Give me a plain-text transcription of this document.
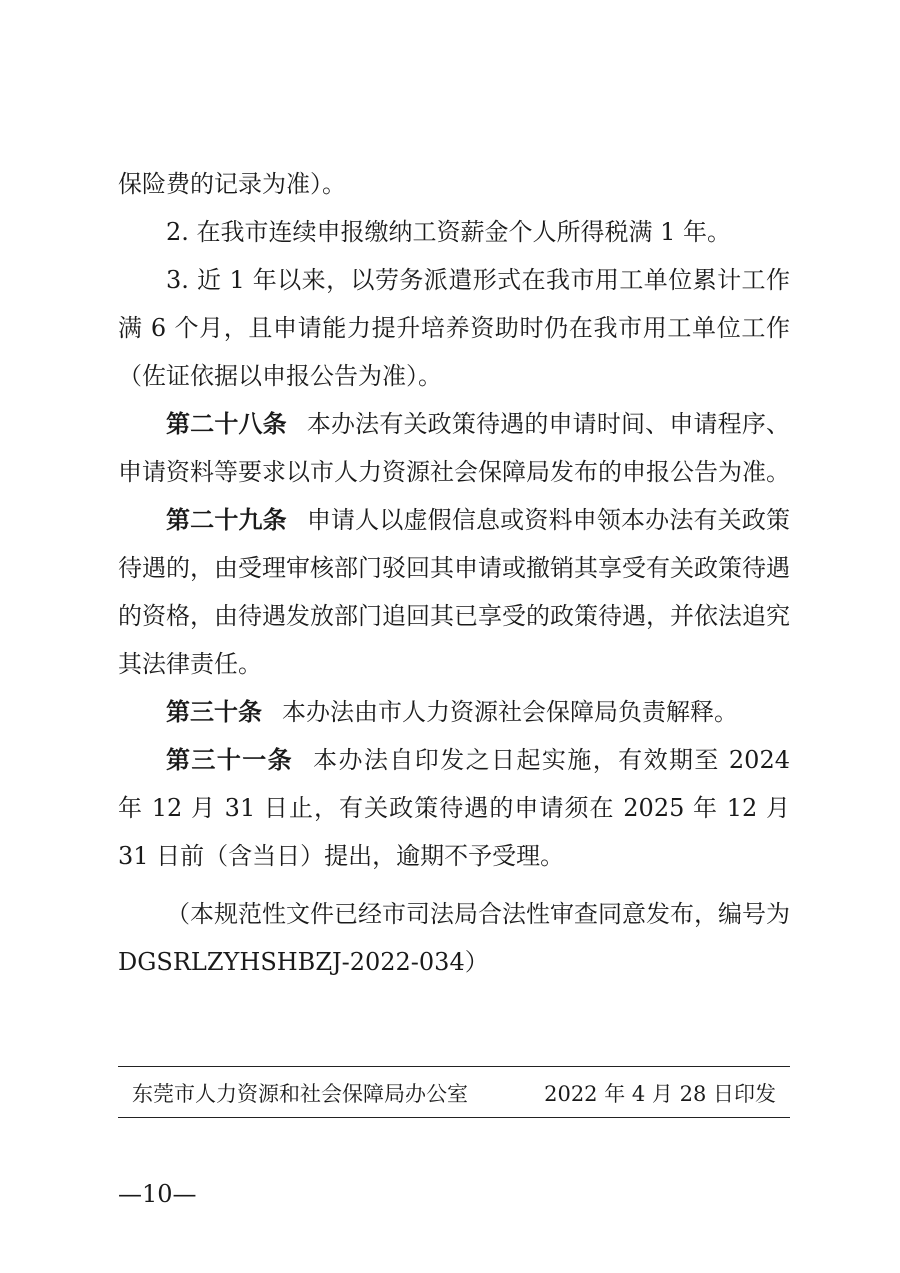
保险费的记录为准）。

2. 在我市连续申报缴纳工资薪金个人所得税满 1 年。

3. 近 1 年以来，以劳务派遣形式在我市用工单位累计工作满 6 个月，且申请能力提升培养资助时仍在我市用工单位工作（佐证依据以申报公告为准）。

第二十八条 本办法有关政策待遇的申请时间、申请程序、申请资料等要求以市人力资源社会保障局发布的申报公告为准。

第二十九条 申请人以虚假信息或资料申领本办法有关政策待遇的，由受理审核部门驳回其申请或撤销其享受有关政策待遇的资格，由待遇发放部门追回其已享受的政策待遇，并依法追究其法律责任。

第三十条 本办法由市人力资源社会保障局负责解释。

第三十一条 本办法自印发之日起实施，有效期至 2024 年 12 月 31 日止，有关政策待遇的申请须在 2025 年 12 月 31 日前（含当日）提出，逾期不予受理。

（本规范性文件已经市司法局合法性审查同意发布，编号为 DGSRLZYHSHBZJ-2022-034）

东莞市人力资源和社会保障局办公室	2022 年 4 月 28 日印发
—10—
